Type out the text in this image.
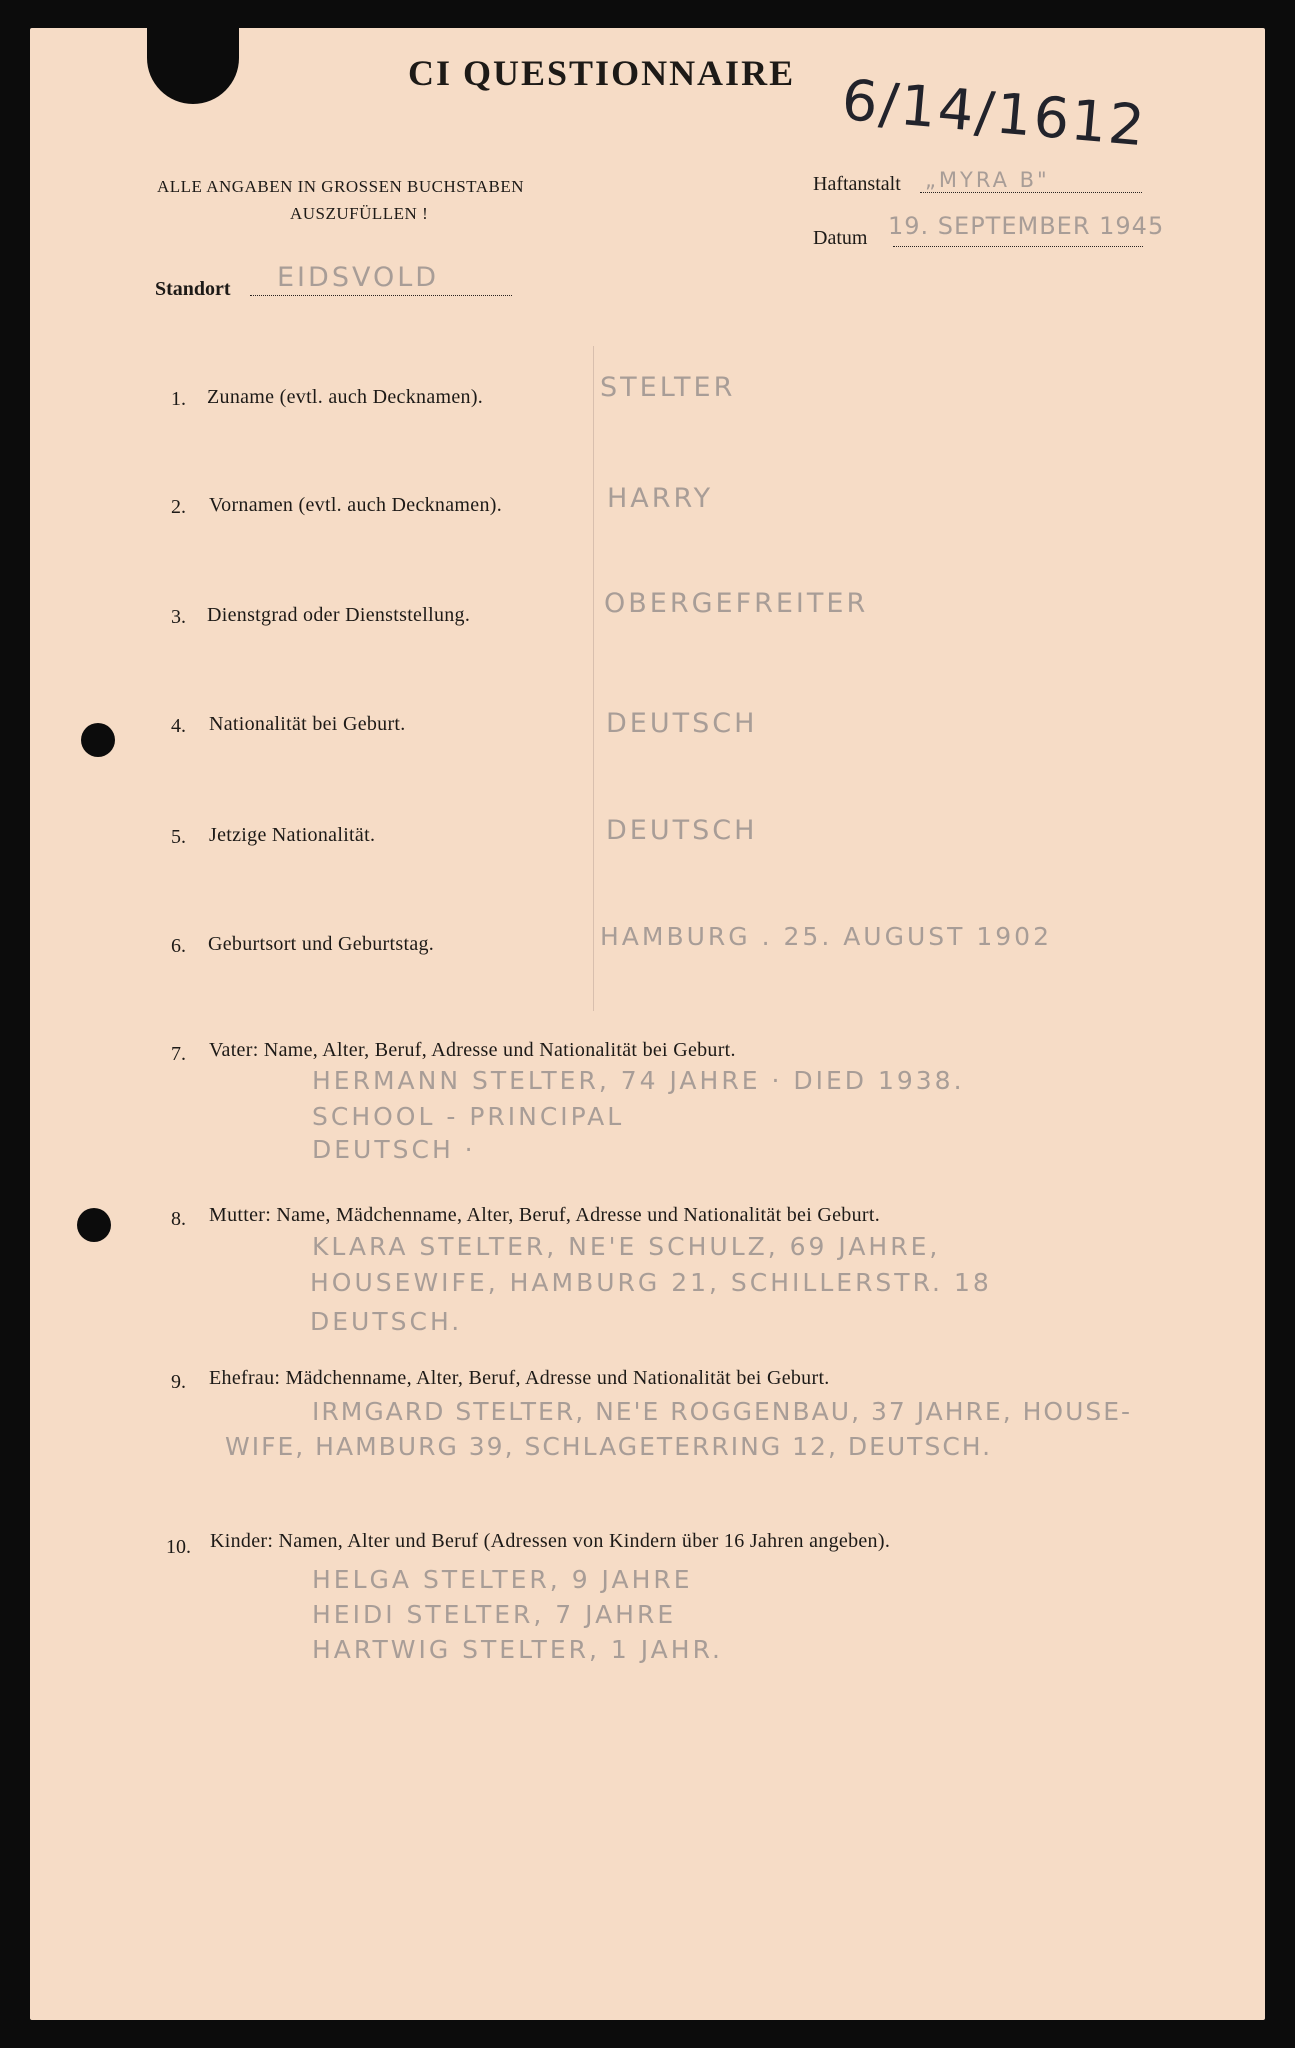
CI QUESTIONNAIRE 6/14/1612
ALLE ANGABEN IN GROSSEN BUCHSTABEN
AUSZUFÜLLEN !
Haftanstalt „MYRA B"
Datum 19. SEPTEMBER 1945
Standort EIDSVOLD
1. Zuname (evtl. auch Decknamen).	STELTER
2. Vornamen (evtl. auch Decknamen).	HARRY
3. Dienstgrad oder Dienststellung.	OBERGEFREITER
4. Nationalität bei Geburt.	DEUTSCH
5. Jetzige Nationalität.	DEUTSCH
6. Geburtsort und Geburtstag.	HAMBURG . 25. AUGUST 1902
7. Vater: Name, Alter, Beruf, Adresse und Nationalität bei Geburt.
HERMANN STELTER, 74 JAHRE · DIED 1938.
SCHOOL - PRINCIPAL
DEUTSCH ·
8. Mutter: Name, Mädchenname, Alter, Beruf, Adresse und Nationalität bei Geburt.
KLARA STELTER, NE'E SCHULZ, 69 JAHRE,
HOUSEWIFE, HAMBURG 21, SCHILLERSTR. 18
DEUTSCH.
9. Ehefrau: Mädchenname, Alter, Beruf, Adresse und Nationalität bei Geburt.
IRMGARD STELTER, NE'E ROGGENBAU, 37 JAHRE, HOUSE-
WIFE, HAMBURG 39, SCHLAGETERRING 12, DEUTSCH.
10. Kinder: Namen, Alter und Beruf (Adressen von Kindern über 16 Jahren angeben).
HELGA STELTER, 9 JAHRE
HEIDI STELTER, 7 JAHRE
HARTWIG STELTER, 1 JAHR.
